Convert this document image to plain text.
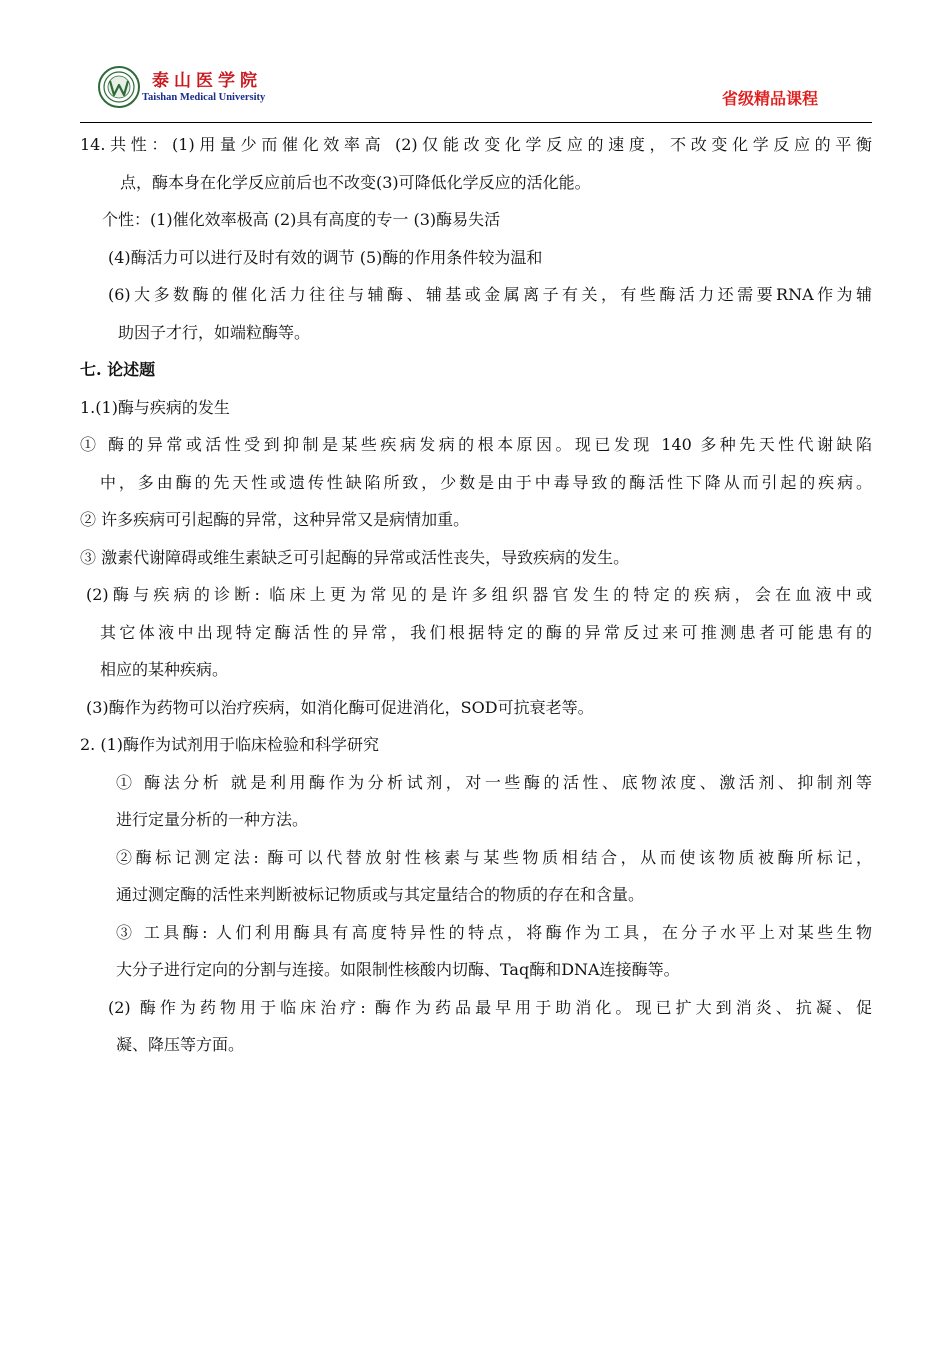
泰山医学院
Taishan Medical University	省级精品课程

14.共性：(1)用量少而催化效率高 (2)仅能改变化学反应的速度，不改变化学反应的平衡

点，酶本身在化学反应前后也不改变(3)可降低化学反应的活化能。

个性：(1)催化效率极高 (2)具有高度的专一 (3)酶易失活

(4)酶活力可以进行及时有效的调节 (5)酶的作用条件较为温和

(6)大多数酶的催化活力往往与辅酶、辅基或金属离子有关，有些酶活力还需要RNA作为辅

助因子才行，如端粒酶等。

七. 论述题

1.(1)酶与疾病的发生

① 酶的异常或活性受到抑制是某些疾病发病的根本原因。现已发现 140 多种先天性代谢缺陷

中，多由酶的先天性或遗传性缺陷所致，少数是由于中毒导致的酶活性下降从而引起的疾病。

② 许多疾病可引起酶的异常，这种异常又是病情加重。

③ 激素代谢障碍或维生素缺乏可引起酶的异常或活性丧失，导致疾病的发生。

(2)酶与疾病的诊断: 临床上更为常见的是许多组织器官发生的特定的疾病，会在血液中或

其它体液中出现特定酶活性的异常，我们根据特定的酶的异常反过来可推测患者可能患有的

相应的某种疾病。

(3)酶作为药物可以治疗疾病，如消化酶可促进消化，SOD可抗衰老等。

2. (1)酶作为试剂用于临床检验和科学研究

① 酶法分析 就是利用酶作为分析试剂，对一些酶的活性、底物浓度、激活剂、抑制剂等

进行定量分析的一种方法。

②酶标记测定法: 酶可以代替放射性核素与某些物质相结合，从而使该物质被酶所标记，

通过测定酶的活性来判断被标记物质或与其定量结合的物质的存在和含量。

③ 工具酶: 人们利用酶具有高度特异性的特点，将酶作为工具，在分子水平上对某些生物

大分子进行定向的分割与连接。如限制性核酸内切酶、Taq酶和DNA连接酶等。

(2) 酶作为药物用于临床治疗: 酶作为药品最早用于助消化。现已扩大到消炎、抗凝、促

凝、降压等方面。
